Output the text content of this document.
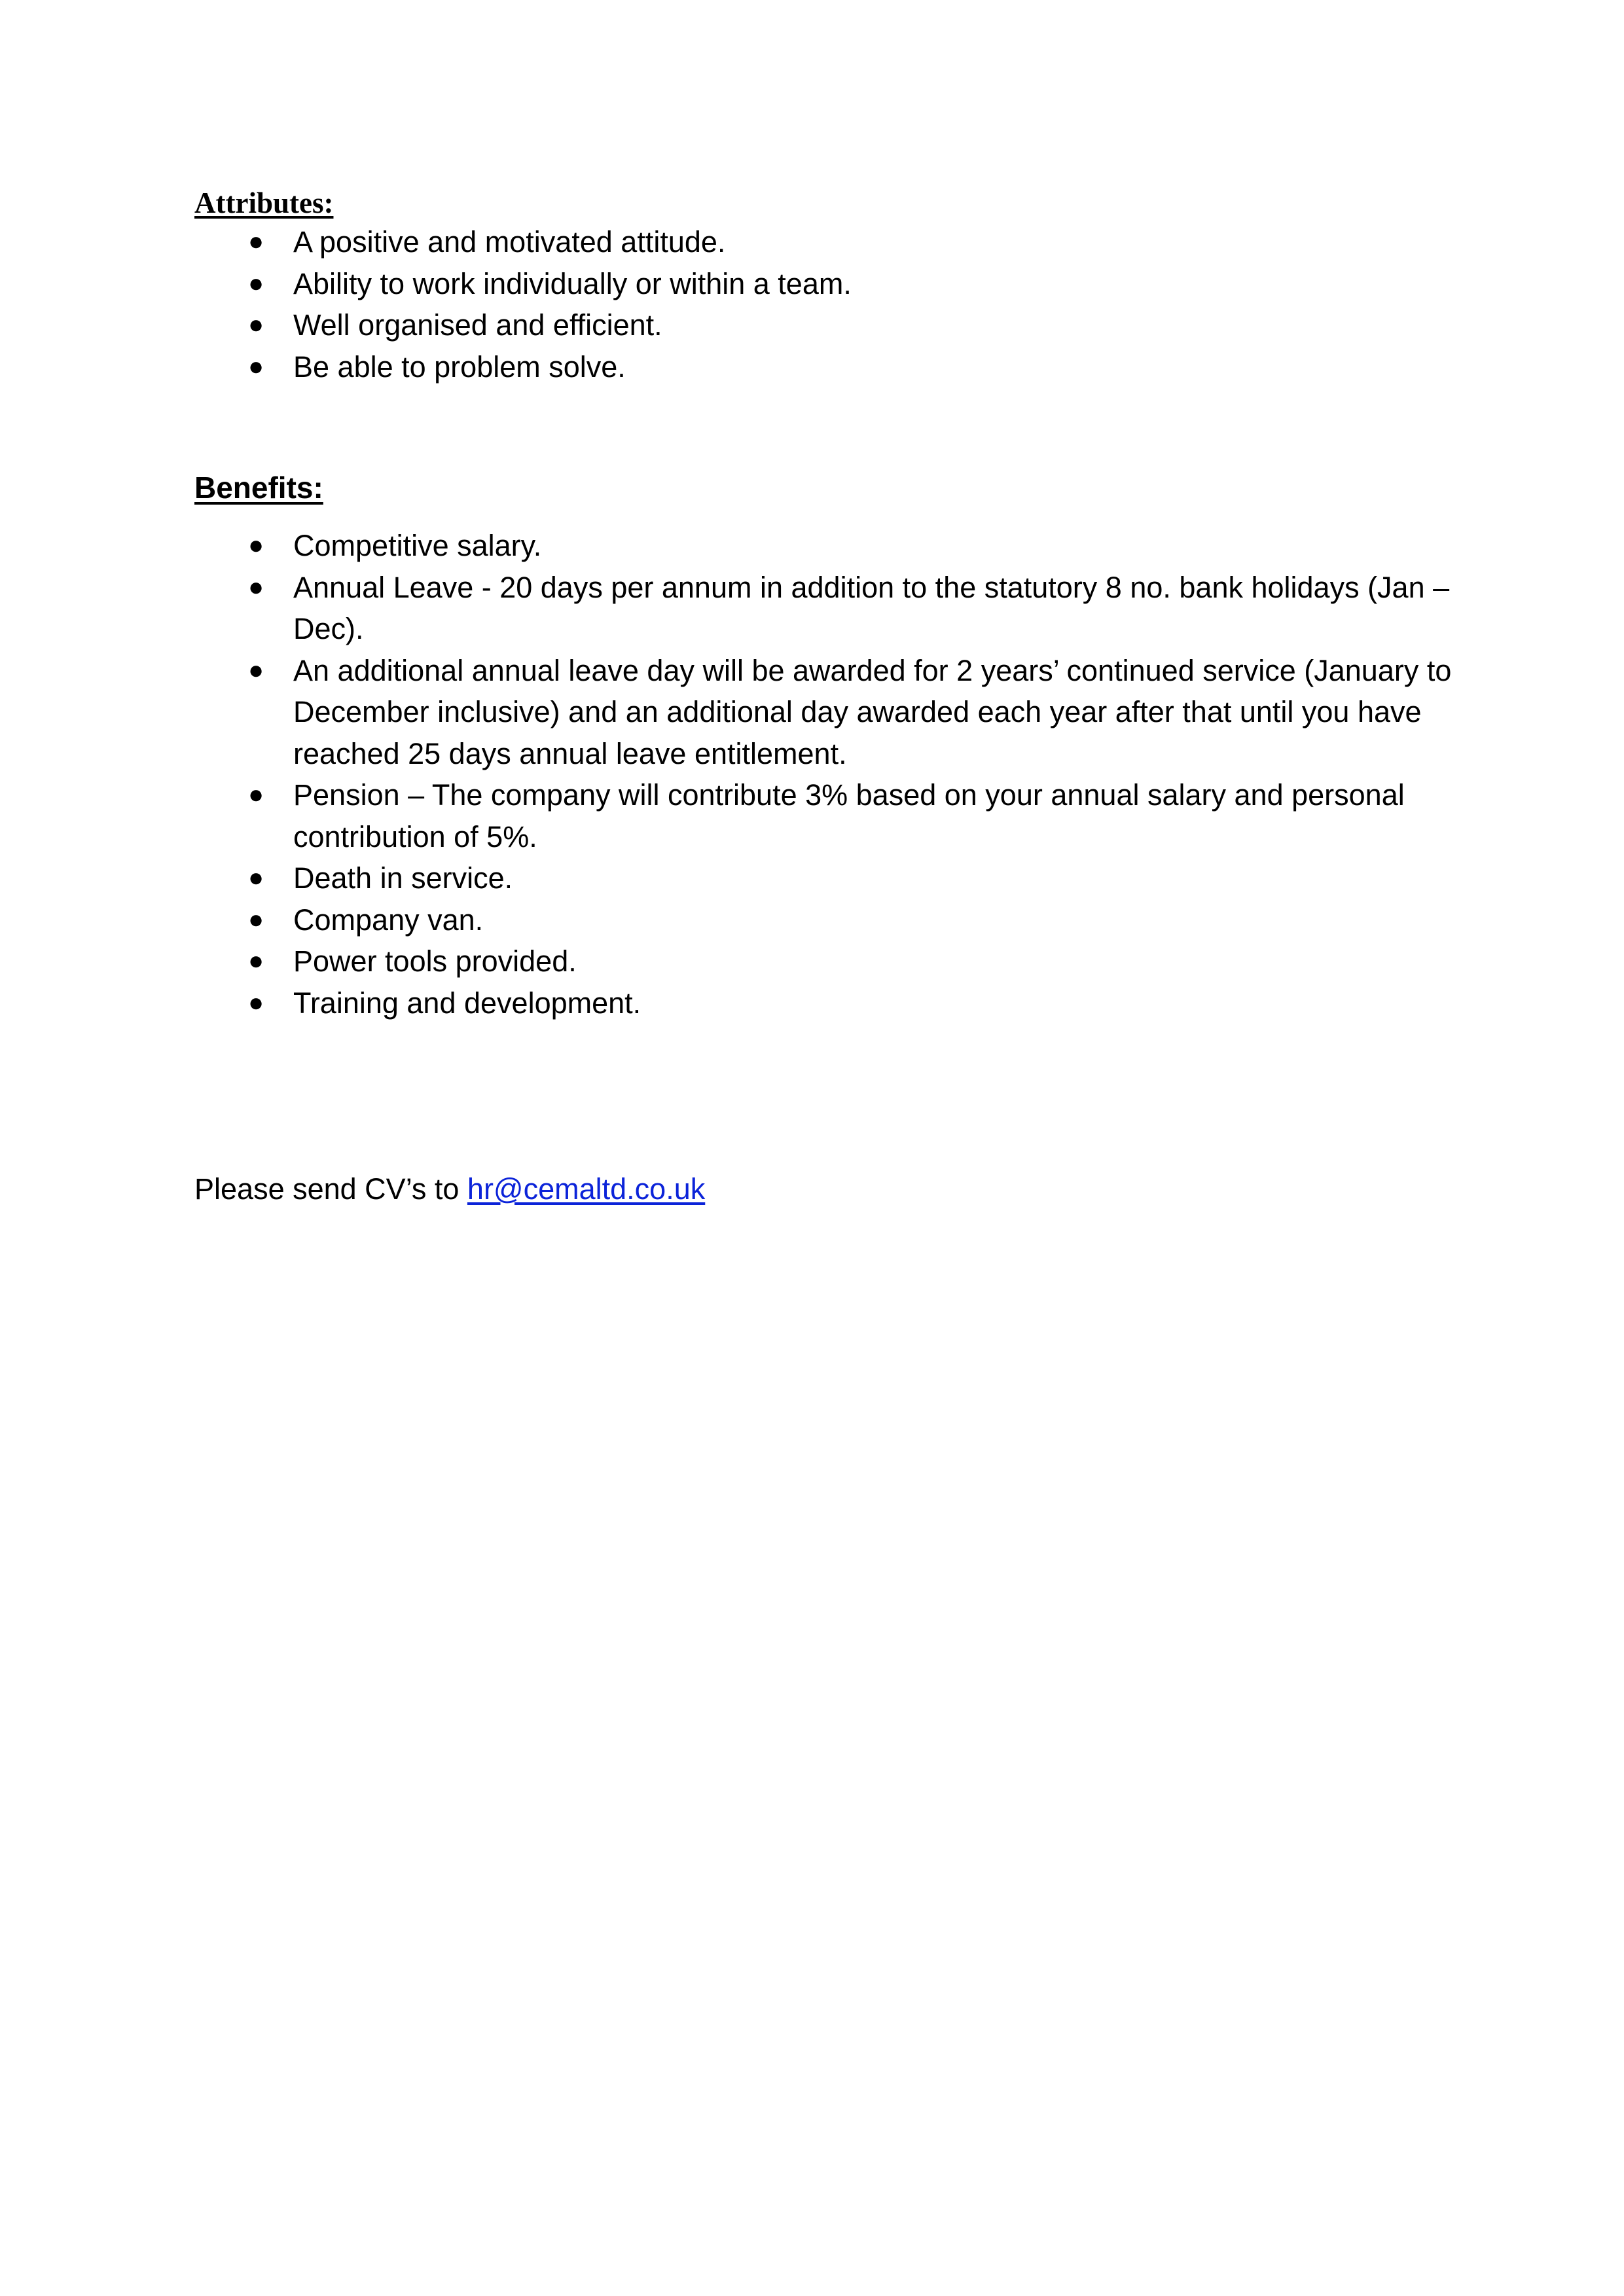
Attributes:
● A positive and motivated attitude.
● Ability to work individually or within a team.
● Well organised and efficient.
● Be able to problem solve.
Benefits:
● Competitive salary.
● Annual Leave - 20 days per annum in addition to the statutory 8 no. bank holidays (Jan – Dec).
● An additional annual leave day will be awarded for 2 years’ continued service (January to December inclusive) and an additional day awarded each year after that until you have reached 25 days annual leave entitlement.
● Pension – The company will contribute 3% based on your annual salary and personal contribution of 5%.
● Death in service.
● Company van.
● Power tools provided.
● Training and development.

Please send CV’s to hr@cemaltd.co.uk
